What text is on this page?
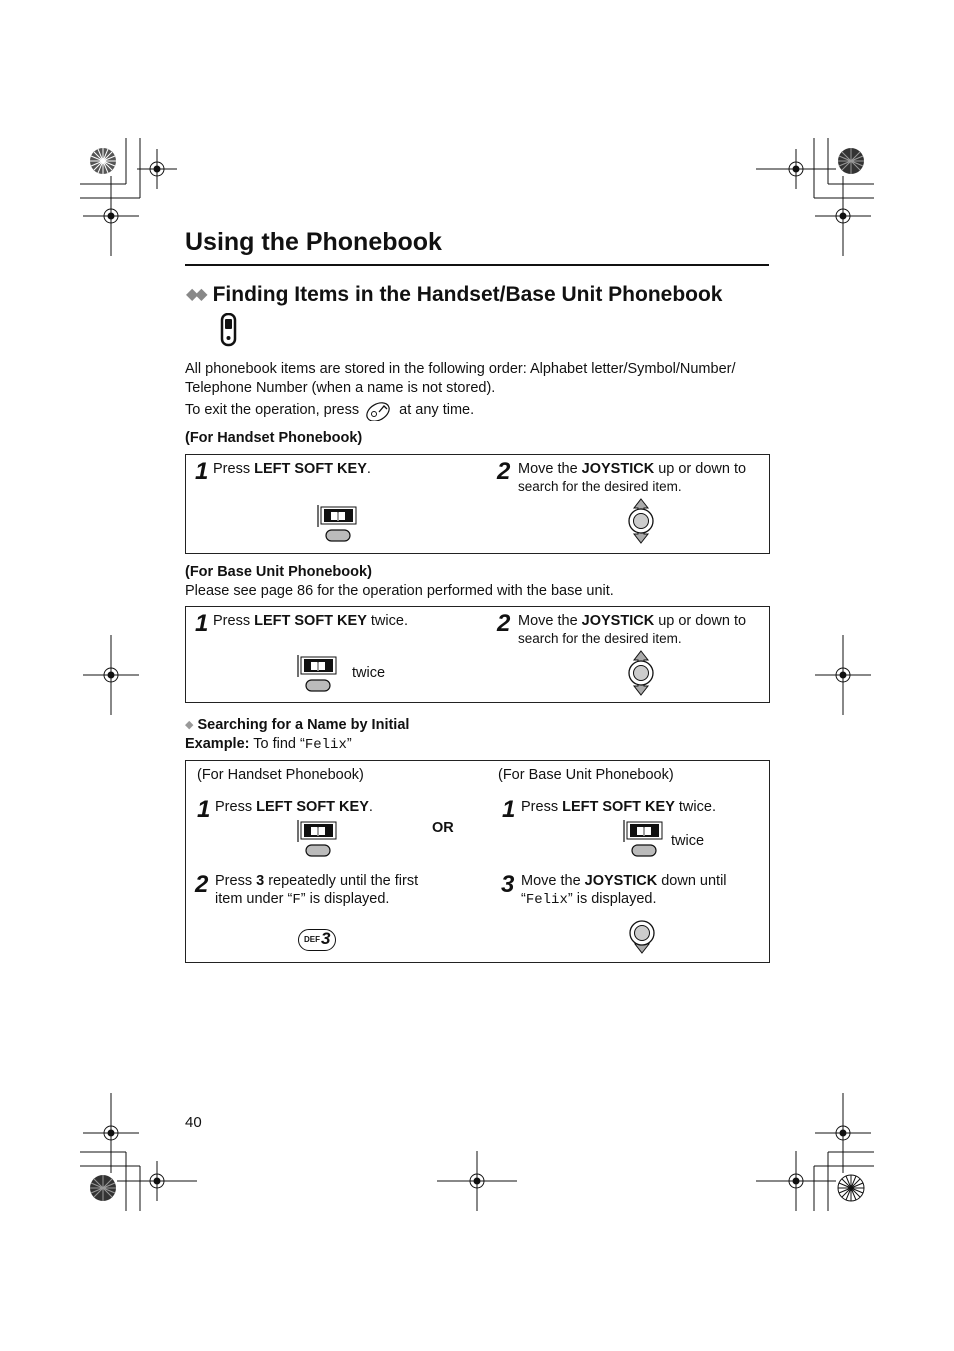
Using the Phonebook
◆◆ Finding Items in the Handset/Base Unit Phonebook
All phonebook items are stored in the following order: Alphabet letter/Symbol/Number/
Telephone Number (when a name is not stored).
To exit the operation, press	at any time.
(For Handset Phonebook)
1 Press LEFT SOFT KEY.	2 Move the JOYSTICK up or down to
search for the desired item.
(For Base Unit Phonebook)
Please see page 86 for the operation performed with the base unit.
1 Press LEFT SOFT KEY twice.
twice
2 Move the JOYSTICK up or down to
search for the desired item.
◆ Searching for a Name by Initial
Example: To find “Felix”
(For Handset Phonebook)	(For Base Unit Phonebook)
1 Press LEFT SOFT KEY.
OR
2 Press 3 repeatedly until the first
item under “F” is displayed.
DEF 3
1 Press LEFT SOFT KEY twice.
twice
3 Move the JOYSTICK down until
“Felix” is displayed.
40
